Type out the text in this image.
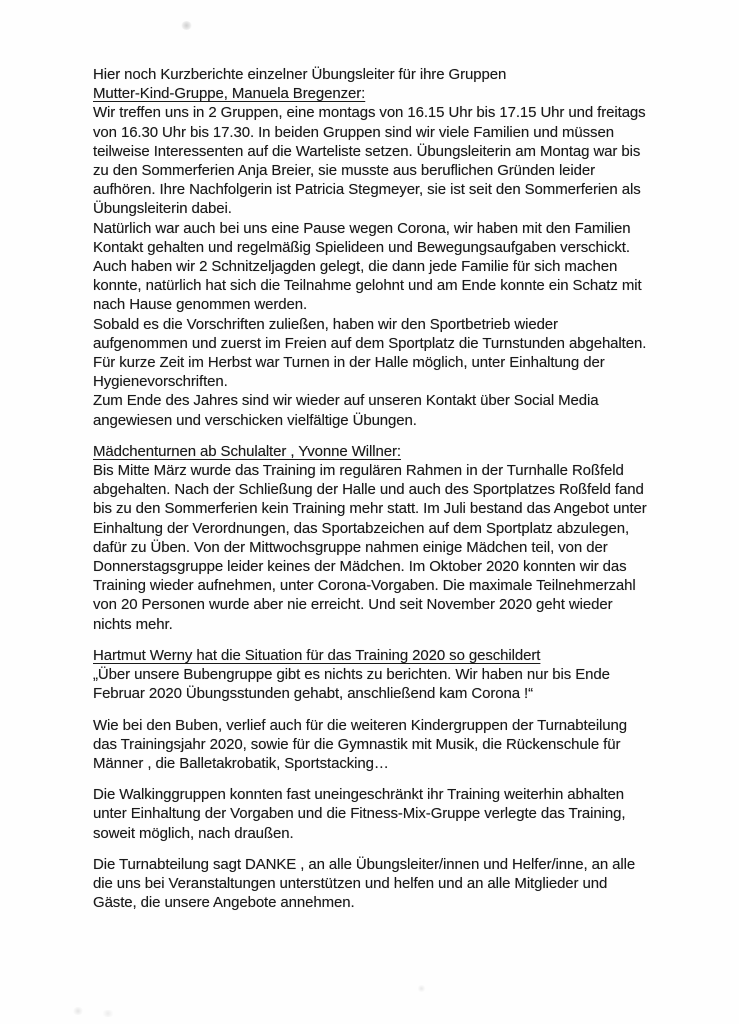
Hier noch Kurzberichte einzelner Übungsleiter für ihre Gruppen
Mutter-Kind-Gruppe, Manuela Bregenzer:
Wir treffen uns in 2 Gruppen, eine montags von 16.15 Uhr bis 17.15 Uhr und freitags
von 16.30 Uhr bis 17.30. In beiden Gruppen sind wir viele Familien und müssen
teilweise Interessenten auf die Warteliste setzen. Übungsleiterin am Montag war bis
zu den Sommerferien Anja Breier, sie musste aus beruflichen Gründen leider
aufhören. Ihre Nachfolgerin ist Patricia Stegmeyer, sie ist seit den Sommerferien als
Übungsleiterin dabei.
Natürlich war auch bei uns eine Pause wegen Corona, wir haben mit den Familien
Kontakt gehalten und regelmäßig Spielideen und Bewegungsaufgaben verschickt.
Auch haben wir 2 Schnitzeljagden gelegt, die dann jede Familie für sich machen
konnte, natürlich hat sich die Teilnahme gelohnt und am Ende konnte ein Schatz mit
nach Hause genommen werden.
Sobald es die Vorschriften zuließen, haben wir den Sportbetrieb wieder
aufgenommen und zuerst im Freien auf dem Sportplatz die Turnstunden abgehalten.
Für kurze Zeit im Herbst war Turnen in der Halle möglich, unter Einhaltung der
Hygienevorschriften.
Zum Ende des Jahres sind wir wieder auf unseren Kontakt über Social Media
angewiesen und verschicken vielfältige Übungen.
Mädchenturnen ab Schulalter , Yvonne Willner:
Bis Mitte März wurde das Training im regulären Rahmen in der Turnhalle Roßfeld
abgehalten. Nach der Schließung der Halle und auch des Sportplatzes Roßfeld fand
bis zu den Sommerferien kein Training mehr statt. Im Juli bestand das Angebot unter
Einhaltung der Verordnungen, das Sportabzeichen auf dem Sportplatz abzulegen,
dafür zu Üben. Von der Mittwochsgruppe nahmen einige Mädchen teil, von der
Donnerstagsgruppe leider keines der Mädchen. Im Oktober 2020 konnten wir das
Training wieder aufnehmen, unter Corona-Vorgaben. Die maximale Teilnehmerzahl
von 20 Personen wurde aber nie erreicht. Und seit November 2020 geht wieder
nichts mehr.
Hartmut Werny hat die Situation für das Training 2020 so geschildert
„Über unsere Bubengruppe gibt es nichts zu berichten. Wir haben nur bis Ende
Februar 2020 Übungsstunden gehabt, anschließend kam Corona !“
Wie bei den Buben, verlief auch für die weiteren Kindergruppen der Turnabteilung
das Trainingsjahr 2020, sowie für die Gymnastik mit Musik, die Rückenschule für
Männer , die Balletakrobatik, Sportstacking…
Die Walkinggruppen konnten fast uneingeschränkt ihr Training weiterhin abhalten
unter Einhaltung der Vorgaben und die Fitness-Mix-Gruppe verlegte das Training,
soweit möglich, nach draußen.
Die Turnabteilung sagt DANKE , an alle Übungsleiter/innen und Helfer/inne, an alle
die uns bei Veranstaltungen unterstützen und helfen und an alle Mitglieder und
Gäste, die unsere Angebote annehmen.
